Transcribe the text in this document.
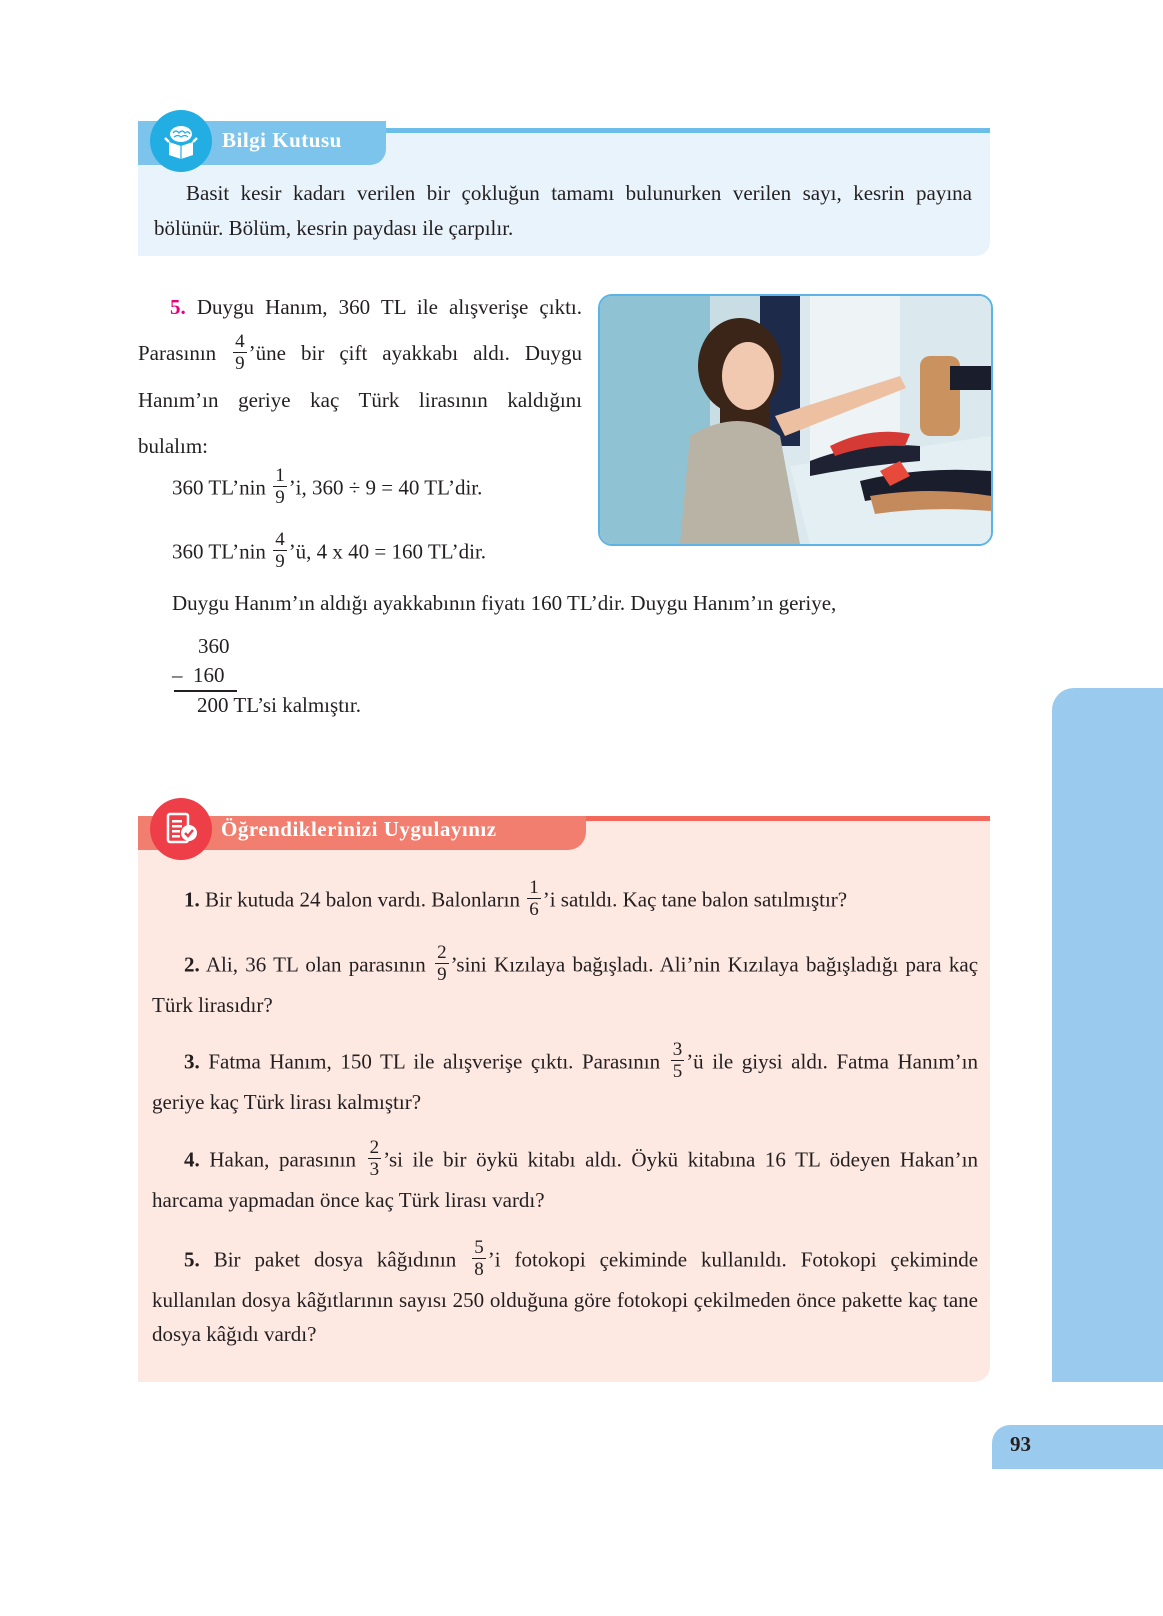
Bilgi Kutusu
Basit kesir kadarı verilen bir çokluğun tamamı bulunurken verilen sayı, kesrin payına bölünür. Bölüm, kesrin paydası ile çarpılır.
5. Duygu Hanım, 360 TL ile alışverişe çıktı. Parasının $\frac{4}{9}$ ’üne bir çift ayakkabı aldı. Duygu Hanım’ın geriye kaç Türk lirasının kaldığını bulalım:
360 TL’nin $\frac{1}{9}$ ’i, 360 ÷ 9 = 40 TL’dir.
360 TL’nin $\frac{4}{9}$ ’ü, 4 x 40 = 160 TL’dir.
Duygu Hanım’ın aldığı ayakkabının fiyatı 160 TL’dir. Duygu Hanım’ın geriye,
360
– 160
200 TL’si kalmıştır.
Öğrendiklerinizi Uygulayınız
1. Bir kutuda 24 balon vardı. Balonların $\frac{1}{6}$ ’i satıldı. Kaç tane balon satılmıştır?
2. Ali, 36 TL olan parasının $\frac{2}{9}$ ’sini Kızılaya bağışladı. Ali’nin Kızılaya bağışladığı para kaç Türk lirasıdır?
3. Fatma Hanım, 150 TL ile alışverişe çıktı. Parasının $\frac{3}{5}$ ’ü ile giysi aldı. Fatma Hanım’ın geriye kaç Türk lirası kalmıştır?
4. Hakan, parasının $\frac{2}{3}$ ’si ile bir öykü kitabı aldı. Öykü kitabına 16 TL ödeyen Hakan’ın harcama yapmadan önce kaç Türk lirası vardı?
5. Bir paket dosya kâğıdının $\frac{5}{8}$ ’i fotokopi çekiminde kullanıldı. Fotokopi çekiminde kullanılan dosya kâğıtlarının sayısı 250 olduğuna göre fotokopi çekilmeden önce pakette kaç tane dosya kâğıdı vardı?
93
